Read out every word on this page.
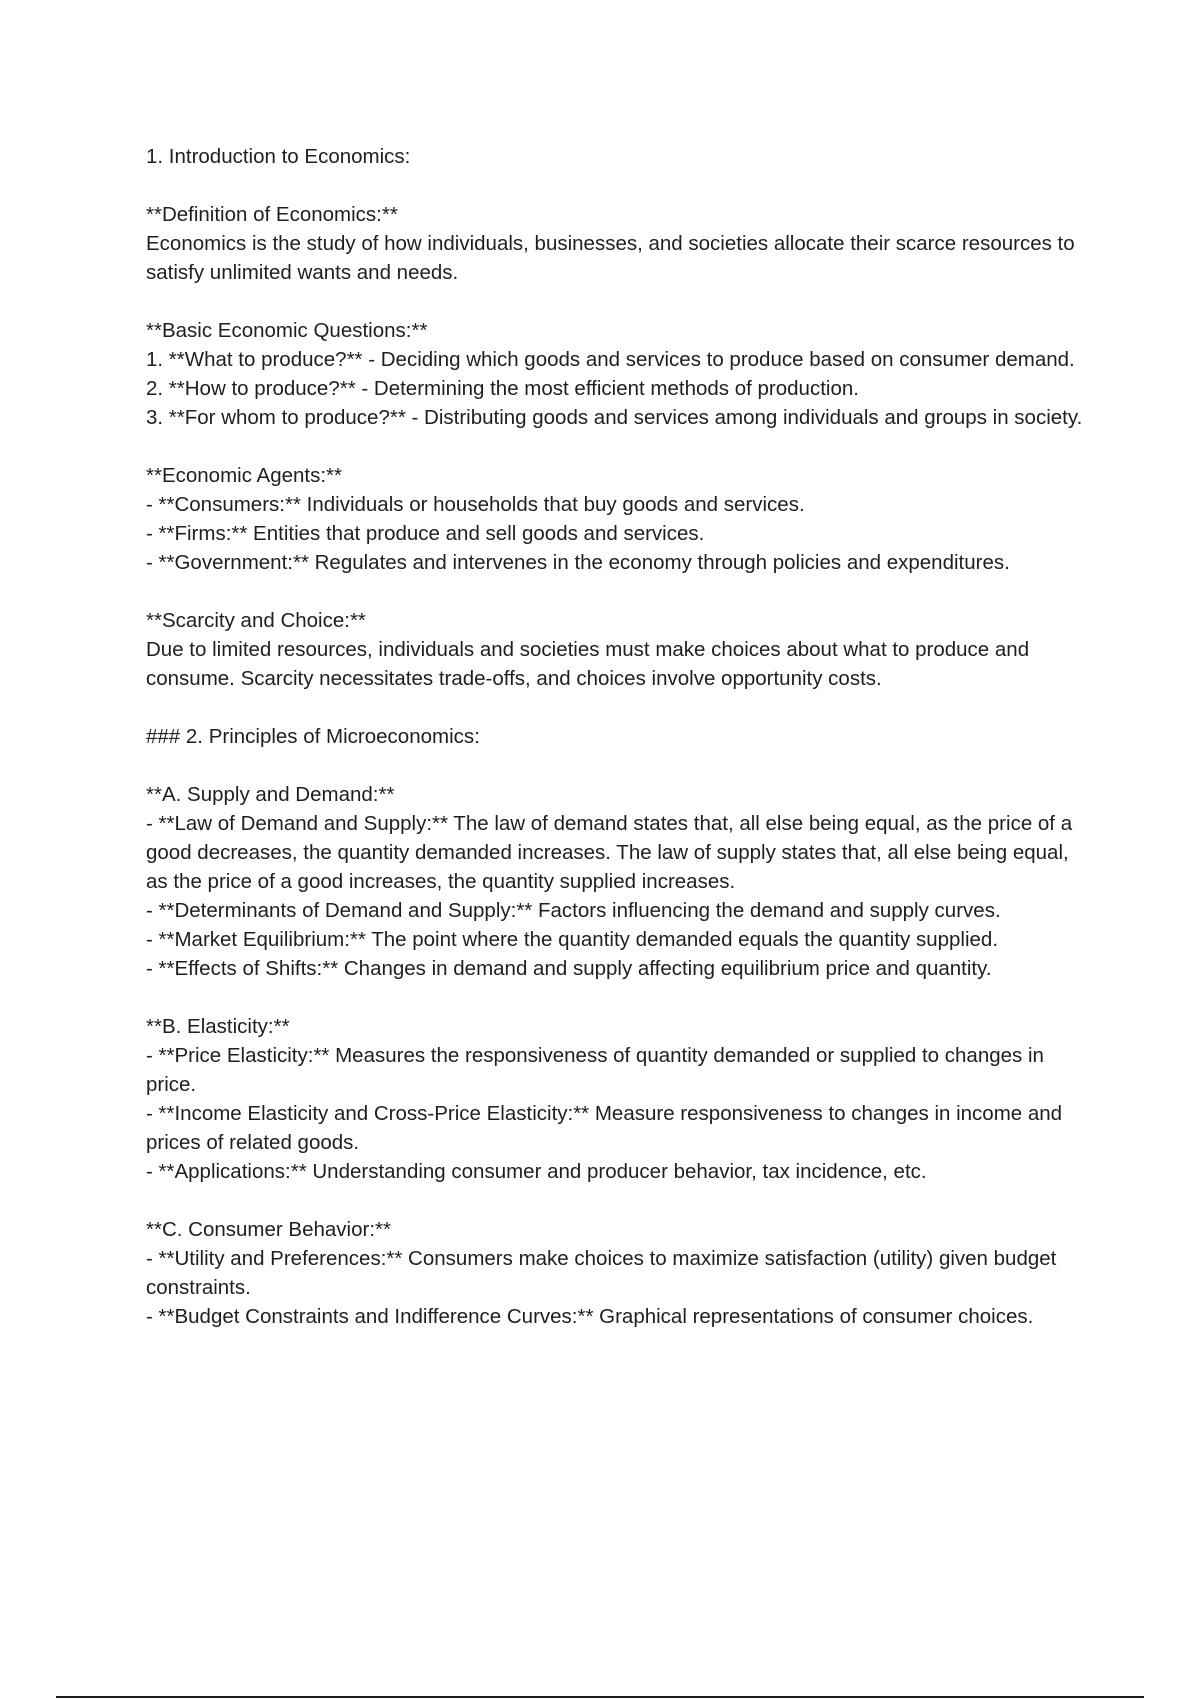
1. Introduction to Economics:

**Definition of Economics:**

Economics is the study of how individuals, businesses, and societies allocate their scarce resources to satisfy unlimited wants and needs.

**Basic Economic Questions:**

1. **What to produce?** - Deciding which goods and services to produce based on consumer demand.

2. **How to produce?** - Determining the most efficient methods of production.

3. **For whom to produce?** - Distributing goods and services among individuals and groups in society.

**Economic Agents:**

- **Consumers:** Individuals or households that buy goods and services.

- **Firms:** Entities that produce and sell goods and services.

- **Government:** Regulates and intervenes in the economy through policies and expenditures.

**Scarcity and Choice:**

Due to limited resources, individuals and societies must make choices about what to produce and consume. Scarcity necessitates trade-offs, and choices involve opportunity costs.

### 2. Principles of Microeconomics:

**A. Supply and Demand:**

- **Law of Demand and Supply:** The law of demand states that, all else being equal, as the price of a good decreases, the quantity demanded increases. The law of supply states that, all else being equal, as the price of a good increases, the quantity supplied increases.

- **Determinants of Demand and Supply:** Factors influencing the demand and supply curves.

- **Market Equilibrium:** The point where the quantity demanded equals the quantity supplied.

- **Effects of Shifts:** Changes in demand and supply affecting equilibrium price and quantity.

**B. Elasticity:**

- **Price Elasticity:** Measures the responsiveness of quantity demanded or supplied to changes in price.

- **Income Elasticity and Cross-Price Elasticity:** Measure responsiveness to changes in income and prices of related goods.

- **Applications:** Understanding consumer and producer behavior, tax incidence, etc.

**C. Consumer Behavior:**

- **Utility and Preferences:** Consumers make choices to maximize satisfaction (utility) given budget constraints.

- **Budget Constraints and Indifference Curves:** Graphical representations of consumer choices.
